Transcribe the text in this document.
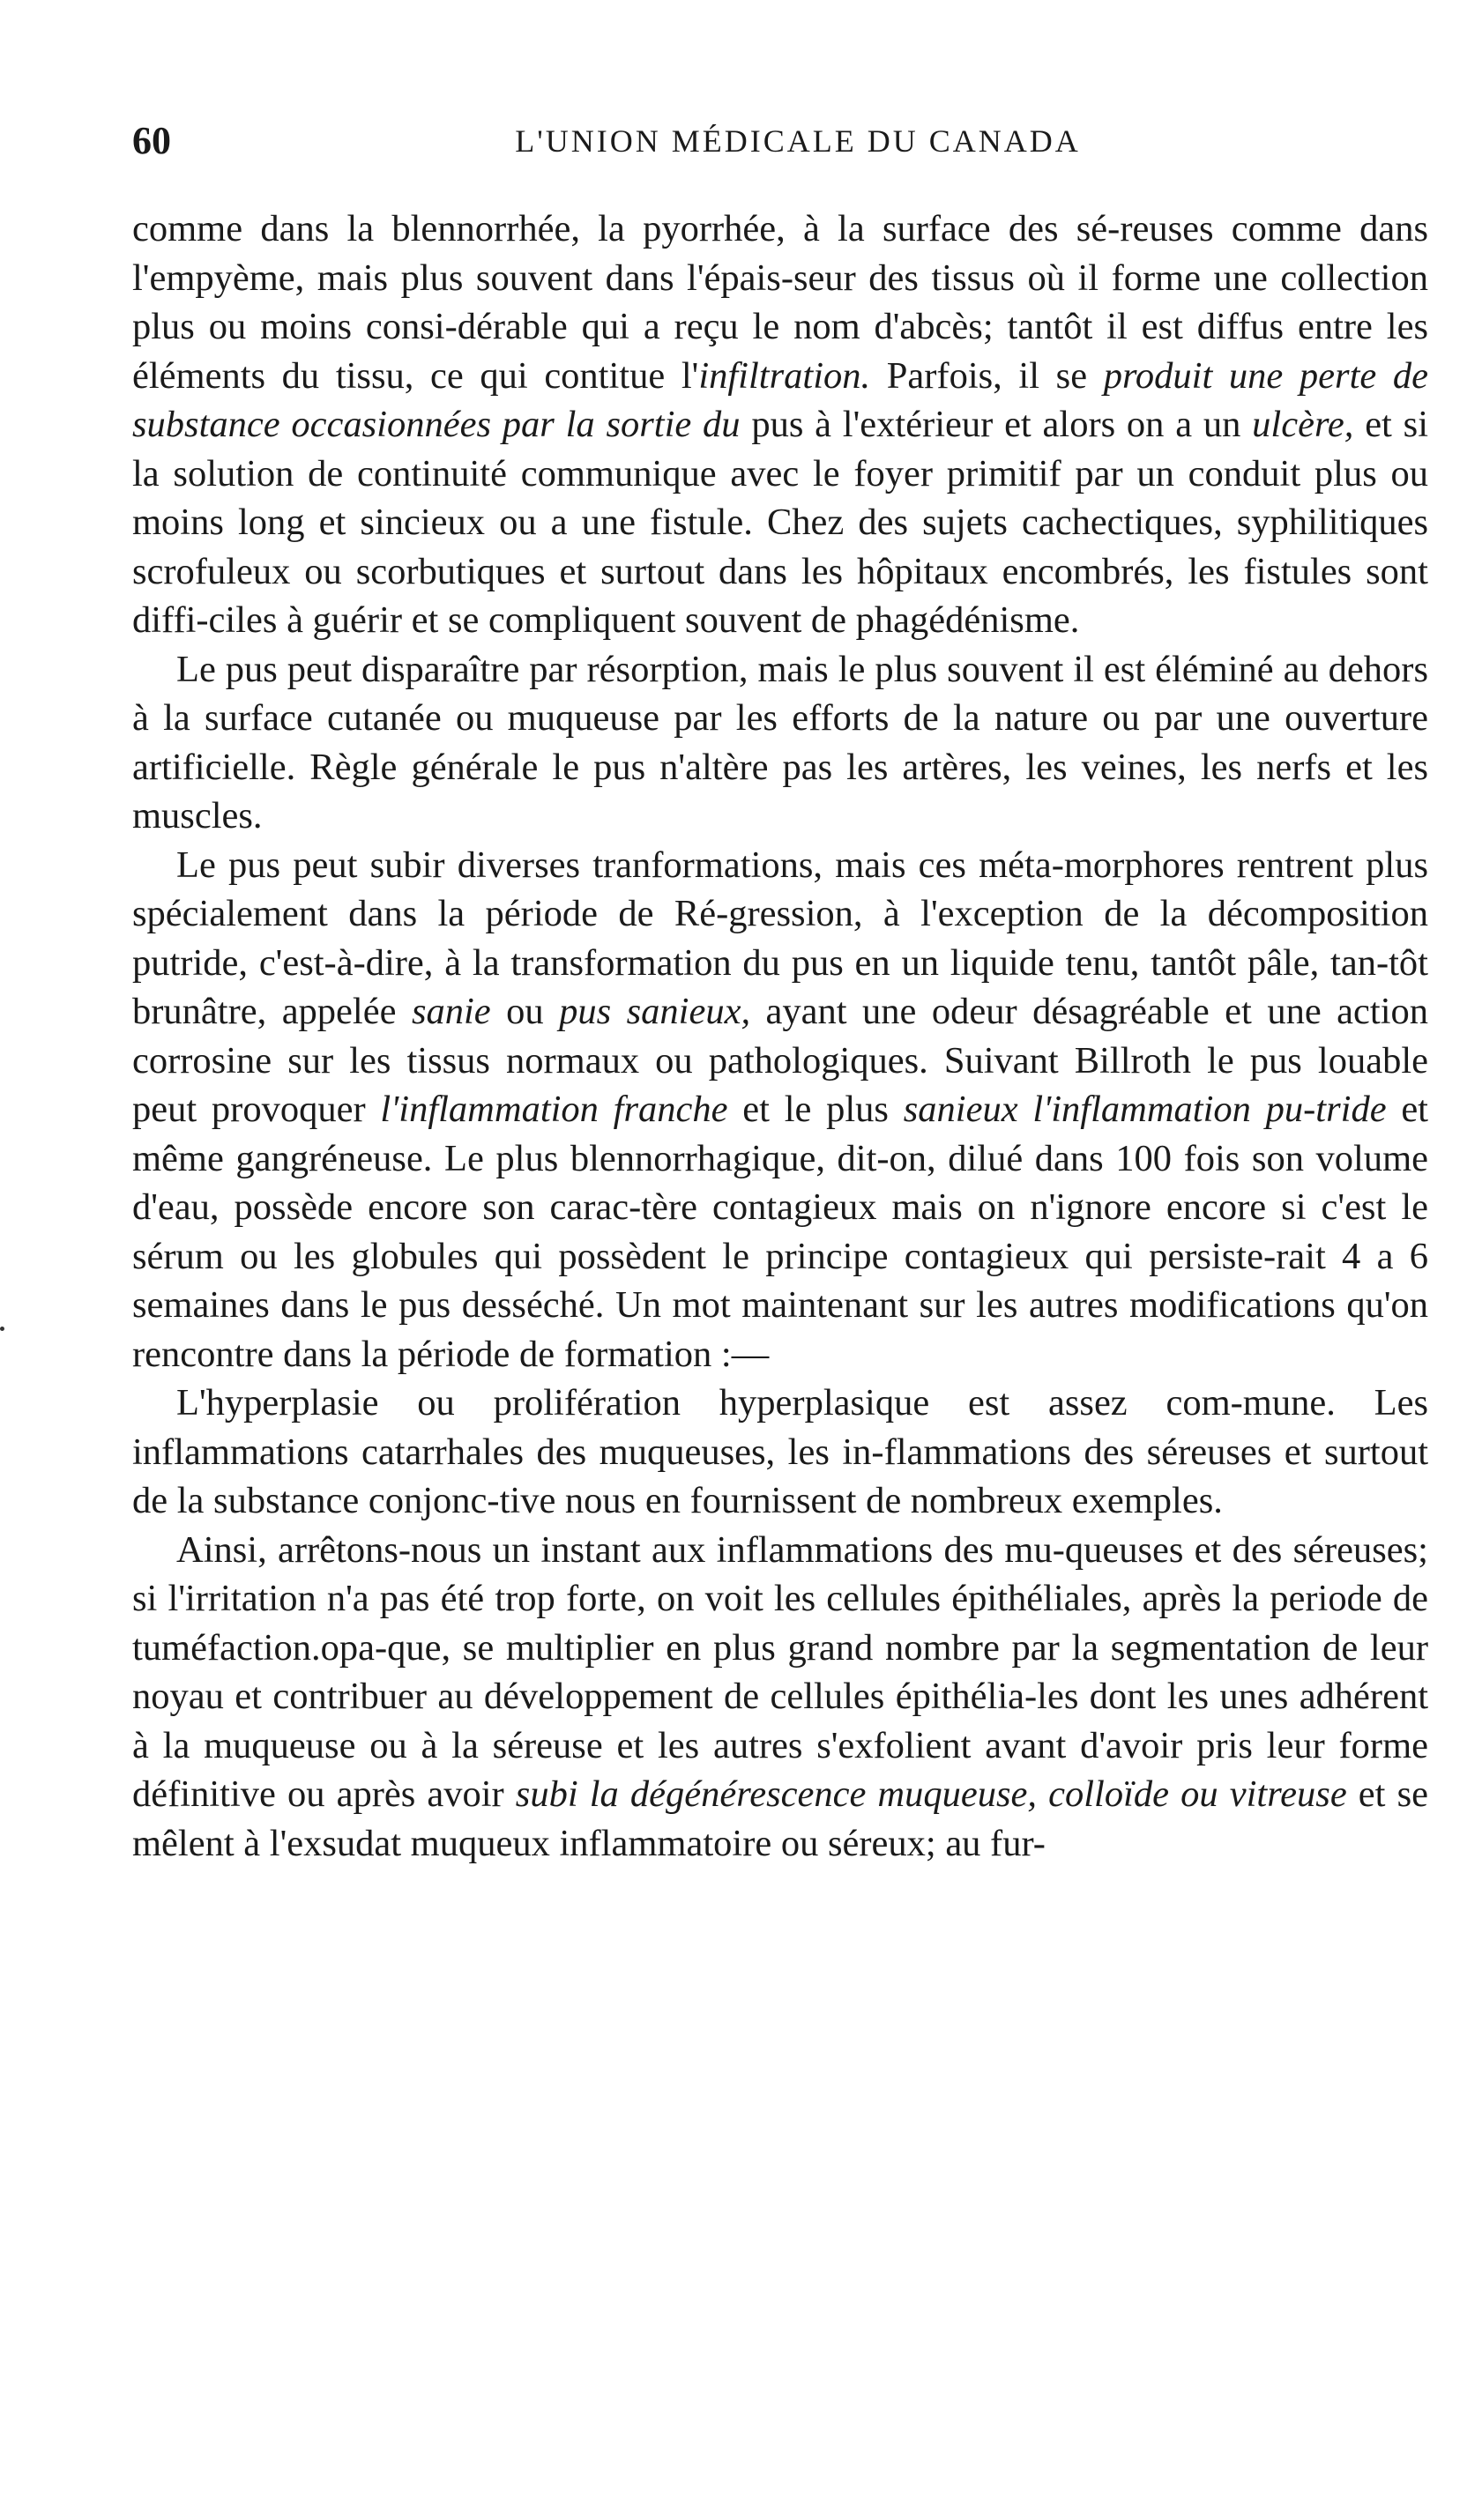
60	L'UNION MÉDICALE DU CANADA

comme dans la blennorrhée, la pyorrhée, à la surface des sé-reuses comme dans l'empyème, mais plus souvent dans l'épais-seur des tissus où il forme une collection plus ou moins consi-dérable qui a reçu le nom d'abcès; tantôt il est diffus entre les éléments du tissu, ce qui contitue l'infiltration. Parfois, il se produit une perte de substance occasionnées par la sortie du pus à l'extérieur et alors on a un ulcère, et si la solution de continuité communique avec le foyer primitif par un conduit plus ou moins long et sincieux ou a une fistule. Chez des sujets cachectiques, syphilitiques scrofuleux ou scorbutiques et surtout dans les hôpitaux encombrés, les fistules sont diffi-ciles à guérir et se compliquent souvent de phagédénisme.

Le pus peut disparaître par résorption, mais le plus souvent il est éléminé au dehors à la surface cutanée ou muqueuse par les efforts de la nature ou par une ouverture artificielle. Règle générale le pus n'altère pas les artères, les veines, les nerfs et les muscles.

Le pus peut subir diverses tranformations, mais ces méta-morphores rentrent plus spécialement dans la période de Ré-gression, à l'exception de la décomposition putride, c'est-à-dire, à la transformation du pus en un liquide tenu, tantôt pâle, tan-tôt brunâtre, appelée sanie ou pus sanieux, ayant une odeur désagréable et une action corrosine sur les tissus normaux ou pathologiques. Suivant Billroth le pus louable peut provoquer l'inflammation franche et le plus sanieux l'inflammation pu-tride et même gangréneuse. Le plus blennorrhagique, dit-on, dilué dans 100 fois son volume d'eau, possède encore son carac-tère contagieux mais on n'ignore encore si c'est le sérum ou les globules qui possèdent le principe contagieux qui persiste-rait 4 a 6 semaines dans le pus desséché. Un mot maintenant sur les autres modifications qu'on rencontre dans la période de formation :—

L'hyperplasie ou prolifération hyperplasique est assez com-mune. Les inflammations catarrhales des muqueuses, les in-flammations des séreuses et surtout de la substance conjonc-tive nous en fournissent de nombreux exemples.

Ainsi, arrêtons-nous un instant aux inflammations des mu-queuses et des séreuses; si l'irritation n'a pas été trop forte, on voit les cellules épithéliales, après la periode de tuméfaction.opa-que, se multiplier en plus grand nombre par la segmentation de leur noyau et contribuer au développement de cellules épithélia-les dont les unes adhérent à la muqueuse ou à la séreuse et les autres s'exfolient avant d'avoir pris leur forme définitive ou après avoir subi la dégénérescence muqueuse, colloïde ou vitreuse et se mêlent à l'exsudat muqueux inflammatoire ou séreux; au fur-
